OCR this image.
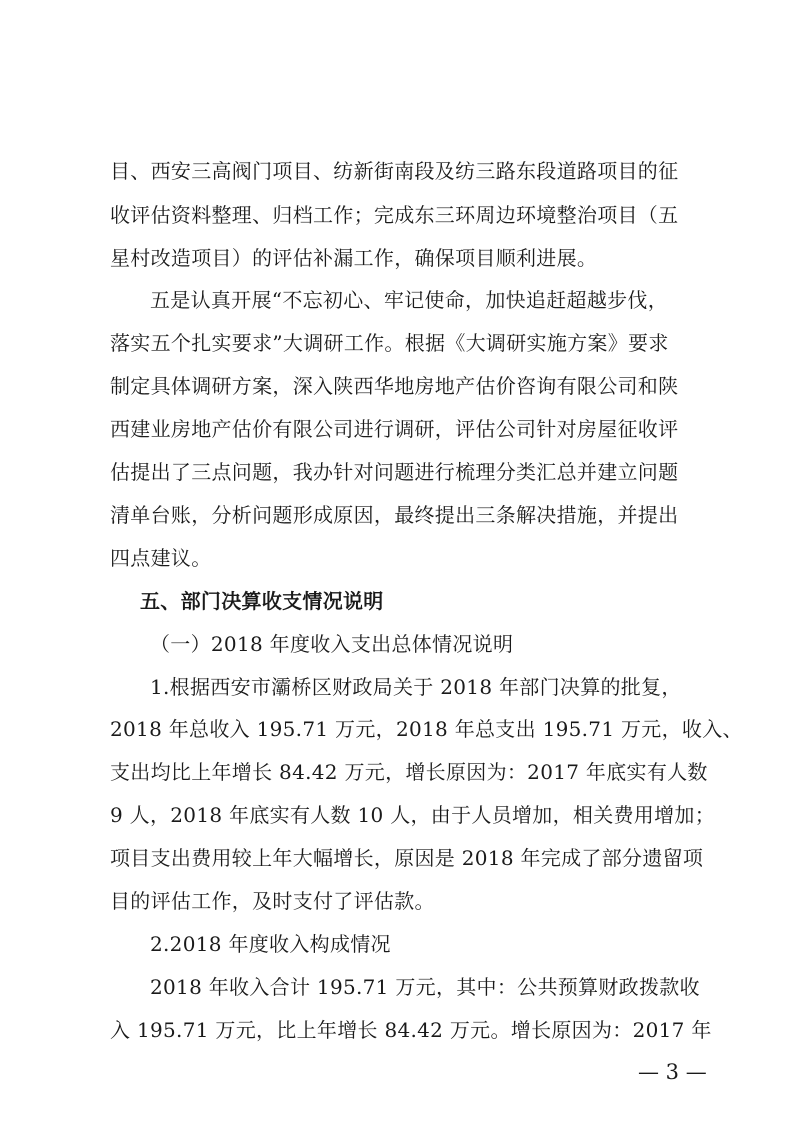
目、西安三高阀门项目、纺新街南段及纺三路东段道路项目的征
收评估资料整理、归档工作；完成东三环周边环境整治项目（五
星村改造项目）的评估补漏工作，确保项目顺利进展。
五是认真开展“不忘初心、牢记使命，加快追赶超越步伐，
落实五个扎实要求”大调研工作。根据《大调研实施方案》要求
制定具体调研方案，深入陕西华地房地产估价咨询有限公司和陕
西建业房地产估价有限公司进行调研，评估公司针对房屋征收评
估提出了三点问题，我办针对问题进行梳理分类汇总并建立问题
清单台账，分析问题形成原因，最终提出三条解决措施，并提出
四点建议。
五、部门决算收支情况说明
（一）2018 年度收入支出总体情况说明
1.根据西安市灞桥区财政局关于 2018 年部门决算的批复，
2018 年总收入 195.71 万元，2018 年总支出 195.71 万元，收入、
支出均比上年增长 84.42 万元，增长原因为：2017 年底实有人数
9 人，2018 年底实有人数 10 人，由于人员增加，相关费用增加；
项目支出费用较上年大幅增长，原因是 2018 年完成了部分遗留项
目的评估工作，及时支付了评估款。
2.2018 年度收入构成情况
2018 年收入合计 195.71 万元，其中：公共预算财政拨款收
入 195.71 万元，比上年增长 84.42 万元。增长原因为：2017 年
— 3 —
